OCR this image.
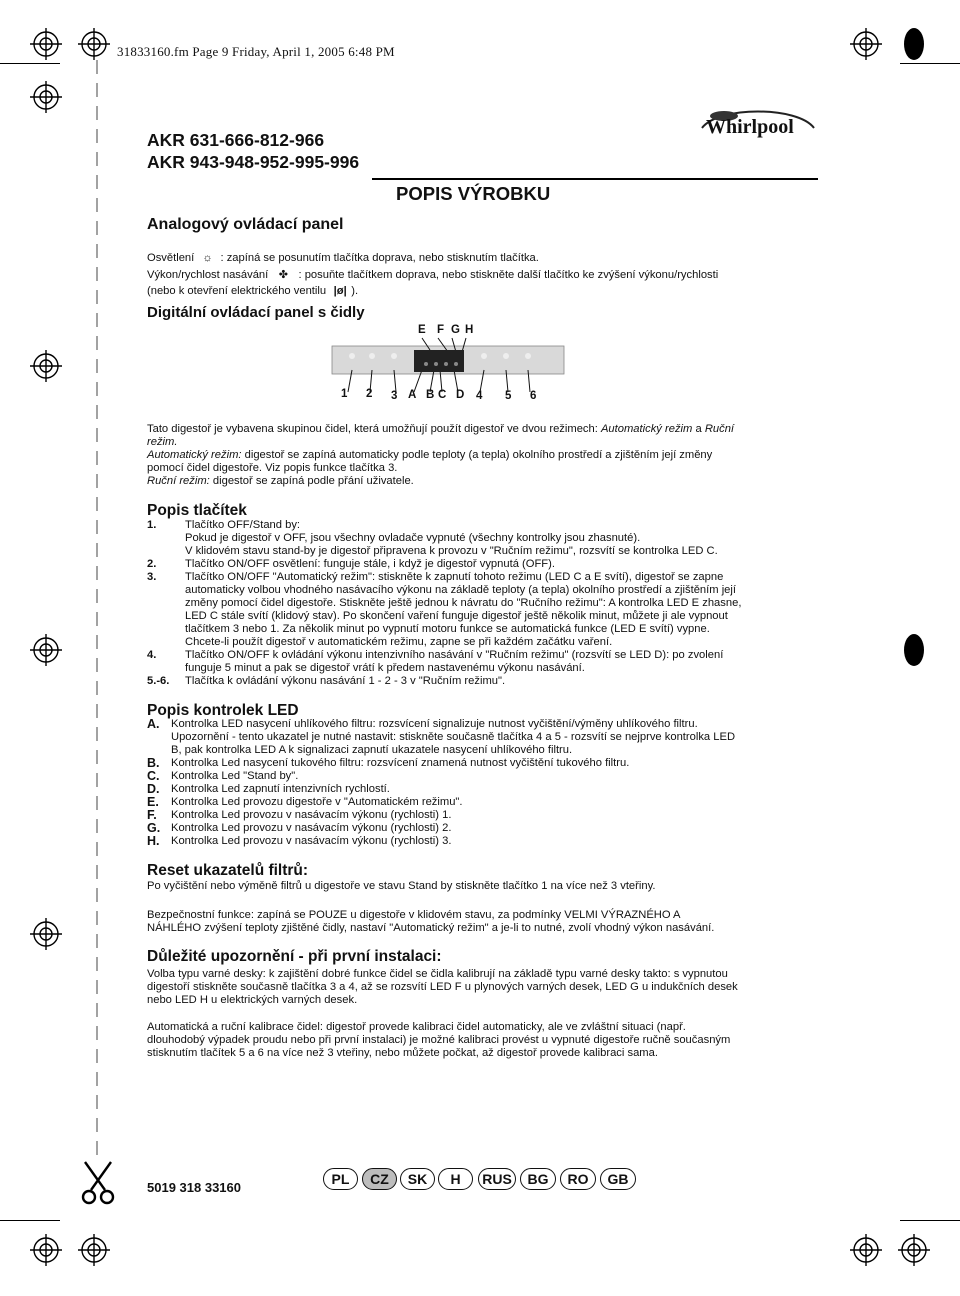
31833160.fm Page 9 Friday, April 1, 2005 6:48 PM
AKR 631-666-812-966
AKR 943-948-952-995-996
Whirlpool
Analogový ovládací panel
POPIS VÝROBKU
Osvětlení ☼ : zapíná se posunutím tlačítka doprava, nebo stisknutím tlačítka.
Výkon/rychlost nasávání ✤ : posuňte tlačítkem doprava, nebo stiskněte další tlačítko ke zvýšení výkonu/rychlosti
(nebo k otevření elektrického ventilu |ø| ).
Digitální ovládací panel s čidly
E F G H
1 2 3 A B C D 4 5 6
Tato digestoř je vybavena skupinou čidel, která umožňují použít digestoř ve dvou režimech: Automatický režim a Ruční
režim.
Automatický režim: digestoř se zapíná automaticky podle teploty (a tepla) okolního prostředí a zjištěním její změny
pomocí čidel digestoře. Viz popis funkce tlačítka 3.
Ruční režim: digestoř se zapíná podle přání uživatele.
Popis tlačítek
1.	Tlačítko OFF/Stand by:
Pokud je digestoř v OFF, jsou všechny ovladače vypnuté (všechny kontrolky jsou zhasnuté).
V klidovém stavu stand-by je digestoř připravena k provozu v "Ručním režimu", rozsvítí se kontrolka LED C.
2.	Tlačítko ON/OFF osvětlení: funguje stále, i když je digestoř vypnutá (OFF).
3.	Tlačítko ON/OFF "Automatický režim": stiskněte k zapnutí tohoto režimu (LED C a E svítí), digestoř se zapne
automaticky volbou vhodného nasávacího výkonu na základě teploty (a tepla) okolního prostředí a zjištěním její
změny pomocí čidel digestoře. Stiskněte ještě jednou k návratu do "Ručního režimu": A kontrolka LED E zhasne,
LED C stále svítí (klidový stav). Po skončení vaření funguje digestoř ještě několik minut, můžete ji ale vypnout
tlačítkem 3 nebo 1. Za několik minut po vypnutí motoru funkce se automatická funkce (LED E svítí) vypne.
Chcete-li použít digestoř v automatickém režimu, zapne se při každém začátku vaření.
4.	Tlačítko ON/OFF k ovládání výkonu intenzivního nasávání v "Ručním režimu" (rozsvítí se LED D): po zvolení
funguje 5 minut a pak se digestoř vrátí k předem nastavenému výkonu nasávání.
5.-6. Tlačítka k ovládání výkonu nasávání 1 - 2 - 3 v "Ručním režimu".
Popis kontrolek LED
A. Kontrolka LED nasycení uhlíkového filtru: rozsvícení signalizuje nutnost vyčištění/výměny uhlíkového filtru.
Upozornění - tento ukazatel je nutné nastavit: stiskněte současně tlačítka 4 a 5 - rozsvítí se nejprve kontrolka LED
B, pak kontrolka LED A k signalizaci zapnutí ukazatele nasycení uhlíkového filtru.
B. Kontrolka Led nasycení tukového filtru: rozsvícení znamená nutnost vyčištění tukového filtru.
C. Kontrolka Led "Stand by".
D. Kontrolka Led zapnutí intenzivních rychlostí.
E. Kontrolka Led provozu digestoře v "Automatickém režimu".
F. Kontrolka Led provozu v nasávacím výkonu (rychlosti) 1.
G. Kontrolka Led provozu v nasávacím výkonu (rychlosti) 2.
H. Kontrolka Led provozu v nasávacím výkonu (rychlosti) 3.
Reset ukazatelů filtrů:
Po vyčištění nebo výměně filtrů u digestoře ve stavu Stand by stiskněte tlačítko 1 na více než 3 vteřiny.
Bezpečnostní funkce: zapíná se POUZE u digestoře v klidovém stavu, za podmínky VELMI VÝRAZNÉHO A
NÁHLÉHO zvýšení teploty zjištěné čidly, nastaví "Automatický režim" a je-li to nutné, zvolí vhodný výkon nasávání.
Důležité upozornění - při první instalaci:
Volba typu varné desky: k zajištění dobré funkce čidel se čidla kalibrují na základě typu varné desky takto: s vypnutou
digestoří stiskněte současně tlačítka 3 a 4, až se rozsvítí LED F u plynových varných desek, LED G u indukčních desek
nebo LED H u elektrických varných desek.
Automatická a ruční kalibrace čidel: digestoř provede kalibraci čidel automaticky, ale ve zvláštní situaci (např.
dlouhodobý výpadek proudu nebo při první instalaci) je možné kalibraci provést u vypnuté digestoře ručně současným
stisknutím tlačítek 5 a 6 na více než 3 vteřiny, nebo můžete počkat, až digestoř provede kalibraci sama.
5019 318 33160
PL	CZ	SK	H	RUS	BG	RO	GB
